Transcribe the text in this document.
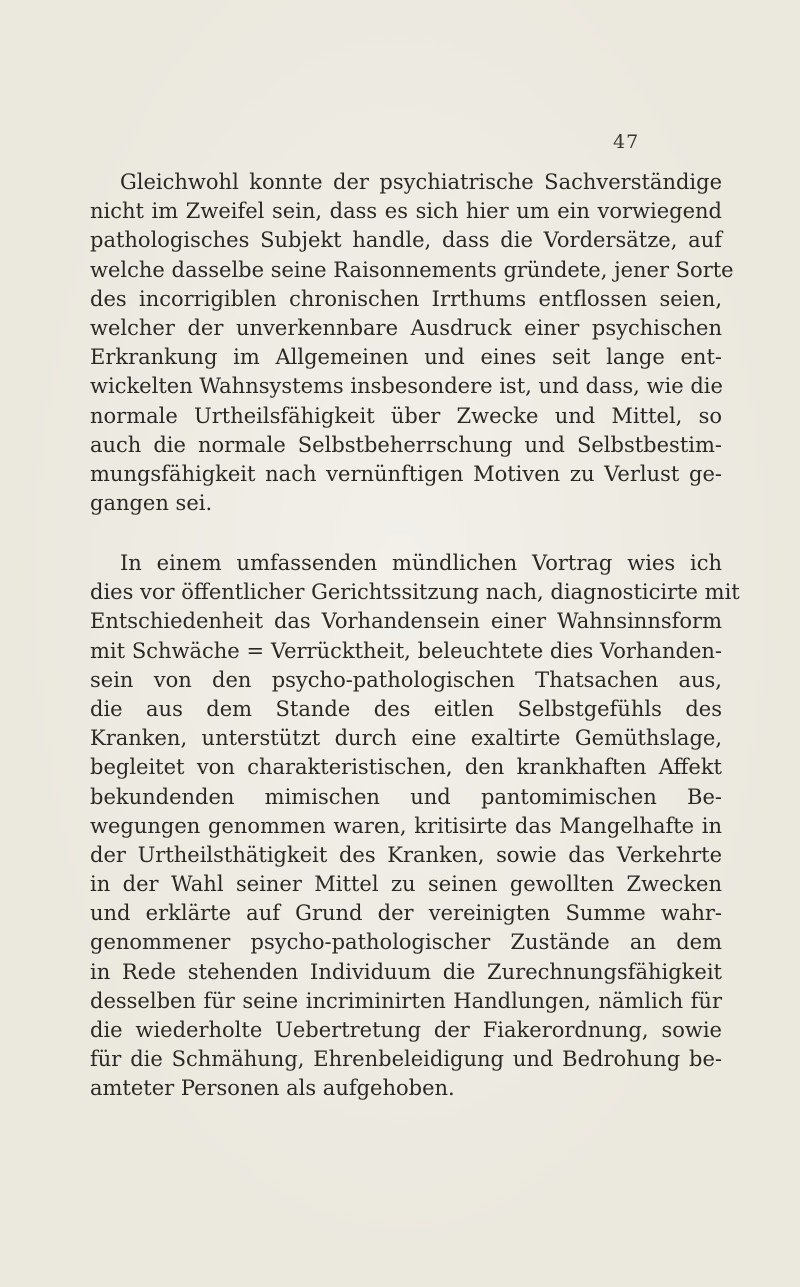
47
Gleichwohl konnte der psychiatrische Sachverständige
nicht im Zweifel sein, dass es sich hier um ein vorwiegend
pathologisches Subjekt handle, dass die Vordersätze, auf
welche dasselbe seine Raisonnements gründete, jener Sorte
des incorrigiblen chronischen Irrthums entflossen seien,
welcher der unverkennbare Ausdruck einer psychischen
Erkrankung im Allgemeinen und eines seit lange ent-
wickelten Wahnsystems insbesondere ist, und dass, wie die
normale Urtheilsfähigkeit über Zwecke und Mittel, so
auch die normale Selbstbeherrschung und Selbstbestim-
mungsfähigkeit nach vernünftigen Motiven zu Verlust ge-
gangen sei.
In einem umfassenden mündlichen Vortrag wies ich
dies vor öffentlicher Gerichtssitzung nach, diagnosticirte mit
Entschiedenheit das Vorhandensein einer Wahnsinnsform
mit Schwäche = Verrücktheit, beleuchtete dies Vorhanden-
sein von den psycho-pathologischen Thatsachen aus,
die aus dem Stande des eitlen Selbstgefühls des
Kranken, unterstützt durch eine exaltirte Gemüthslage,
begleitet von charakteristischen, den krankhaften Affekt
bekundenden mimischen und pantomimischen Be-
wegungen genommen waren, kritisirte das Mangelhafte in
der Urtheilsthätigkeit des Kranken, sowie das Verkehrte
in der Wahl seiner Mittel zu seinen gewollten Zwecken
und erklärte auf Grund der vereinigten Summe wahr-
genommener psycho-pathologischer Zustände an dem
in Rede stehenden Individuum die Zurechnungsfähigkeit
desselben für seine incriminirten Handlungen, nämlich für
die wiederholte Uebertretung der Fiakerordnung, sowie
für die Schmähung, Ehrenbeleidigung und Bedrohung be-
amteter Personen als aufgehoben.
